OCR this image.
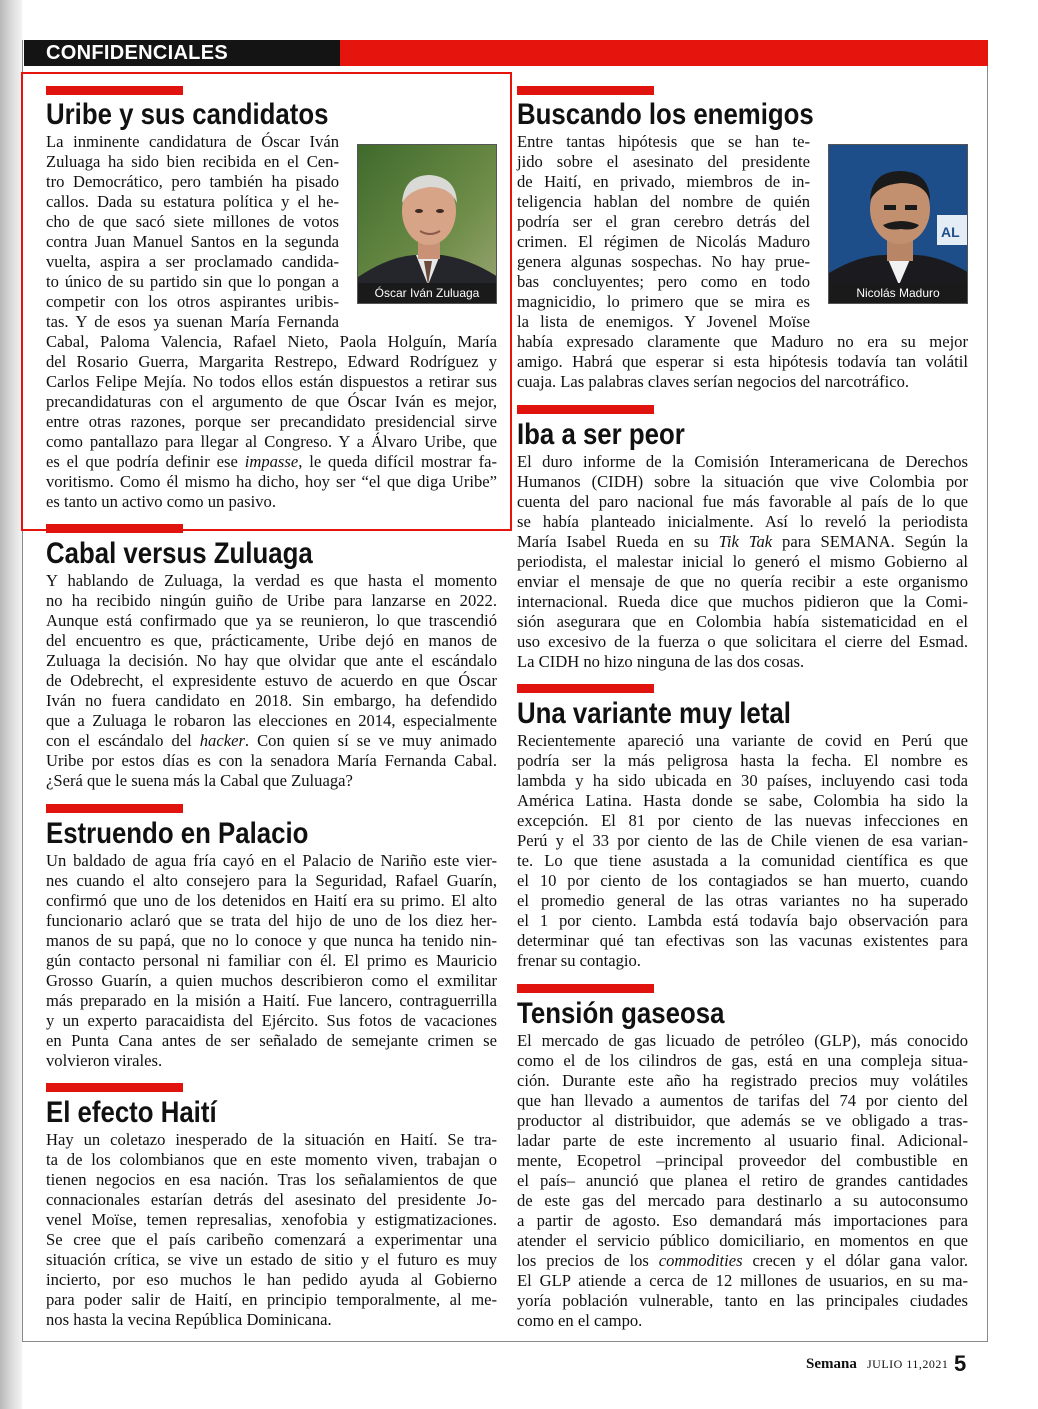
CONFIDENCIALES
Uribe y sus candidatos
Óscar Iván Zuluaga
La inminente candidatura de Óscar Iván
Zuluaga ha sido bien recibida en el Cen-
tro Democrático, pero también ha pisado
callos. Dada su estatura política y el he-
cho de que sacó siete millones de votos
contra Juan Manuel Santos en la segunda
vuelta, aspira a ser proclamado candida-
to único de su partido sin que lo pongan a
competir con los otros aspirantes uribis-
tas. Y de esos ya suenan María Fernanda
Cabal, Paloma Valencia, Rafael Nieto, Paola Holguín, María
del Rosario Guerra, Margarita Restrepo, Edward Rodríguez y
Carlos Felipe Mejía. No todos ellos están dispuestos a retirar sus
precandidaturas con el argumento de que Óscar Iván es mejor,
entre otras razones, porque ser precandidato presidencial sirve
como pantallazo para llegar al Congreso. Y a Álvaro Uribe, que
es el que podría definir ese impasse, le queda difícil mostrar fa-
voritismo. Como él mismo ha dicho, hoy ser “el que diga Uribe”
es tanto un activo como un pasivo.
Cabal versus Zuluaga
Y hablando de Zuluaga, la verdad es que hasta el momento
no ha recibido ningún guiño de Uribe para lanzarse en 2022.
Aunque está confirmado que ya se reunieron, lo que trascendió
del encuentro es que, prácticamente, Uribe dejó en manos de
Zuluaga la decisión. No hay que olvidar que ante el escándalo
de Odebrecht, el expresidente estuvo de acuerdo en que Óscar
Iván no fuera candidato en 2018. Sin embargo, ha defendido
que a Zuluaga le robaron las elecciones en 2014, especialmente
con el escándalo del hacker. Con quien sí se ve muy animado
Uribe por estos días es con la senadora María Fernanda Cabal.
¿Será que le suena más la Cabal que Zuluaga?
Estruendo en Palacio
Un baldado de agua fría cayó en el Palacio de Nariño este vier-
nes cuando el alto consejero para la Seguridad, Rafael Guarín,
confirmó que uno de los detenidos en Haití era su primo. El alto
funcionario aclaró que se trata del hijo de uno de los diez her-
manos de su papá, que no lo conoce y que nunca ha tenido nin-
gún contacto personal ni familiar con él. El primo es Mauricio
Grosso Guarín, a quien muchos describieron como el exmilitar
más preparado en la misión a Haití. Fue lancero, contraguerrilla
y un experto paracaidista del Ejército. Sus fotos de vacaciones
en Punta Cana antes de ser señalado de semejante crimen se
volvieron virales.
El efecto Haití
Hay un coletazo inesperado de la situación en Haití. Se tra-
ta de los colombianos que en este momento viven, trabajan o
tienen negocios en esa nación. Tras los señalamientos de que
connacionales estarían detrás del asesinato del presidente Jo-
venel Moïse, temen represalias, xenofobia y estigmatizaciones.
Se cree que el país caribeño comenzará a experimentar una
situación crítica, se vive un estado de sitio y el futuro es muy
incierto, por eso muchos le han pedido ayuda al Gobierno
para poder salir de Haití, en principio temporalmente, al me-
nos hasta la vecina República Dominicana.
Buscando los enemigos
AL
Nicolás Maduro
Entre tantas hipótesis que se han te-
jido sobre el asesinato del presidente
de Haití, en privado, miembros de in-
teligencia hablan del nombre de quién
podría ser el gran cerebro detrás del
crimen. El régimen de Nicolás Maduro
genera algunas sospechas. No hay prue-
bas concluyentes; pero como en todo
magnicidio, lo primero que se mira es
la lista de enemigos. Y Jovenel Moïse
había expresado claramente que Maduro no era su mejor
amigo. Habrá que esperar si esta hipótesis todavía tan volátil
cuaja. Las palabras claves serían negocios del narcotráfico.
Iba a ser peor
El duro informe de la Comisión Interamericana de Derechos
Humanos (CIDH) sobre la situación que vive Colombia por
cuenta del paro nacional fue más favorable al país de lo que
se había planteado inicialmente. Así lo reveló la periodista
María Isabel Rueda en su Tik Tak para SEMANA. Según la
periodista, el malestar inicial lo generó el mismo Gobierno al
enviar el mensaje de que no quería recibir a este organismo
internacional. Rueda dice que muchos pidieron que la Comi-
sión asegurara que en Colombia había sistematicidad en el
uso excesivo de la fuerza o que solicitara el cierre del Esmad.
La CIDH no hizo ninguna de las dos cosas.
Una variante muy letal
Recientemente apareció una variante de covid en Perú que
podría ser la más peligrosa hasta la fecha. El nombre es
lambda y ha sido ubicada en 30 países, incluyendo casi toda
América Latina. Hasta donde se sabe, Colombia ha sido la
excepción. El 81 por ciento de las nuevas infecciones en
Perú y el 33 por ciento de las de Chile vienen de esa varian-
te. Lo que tiene asustada a la comunidad científica es que
el 10 por ciento de los contagiados se han muerto, cuando
el promedio general de las otras variantes no ha superado
el 1 por ciento. Lambda está todavía bajo observación para
determinar qué tan efectivas son las vacunas existentes para
frenar su contagio.
Tensión gaseosa
El mercado de gas licuado de petróleo (GLP), más conocido
como el de los cilindros de gas, está en una compleja situa-
ción. Durante este año ha registrado precios muy volátiles
que han llevado a aumentos de tarifas del 74 por ciento del
productor al distribuidor, que además se ve obligado a tras-
ladar parte de este incremento al usuario final. Adicional-
mente, Ecopetrol –principal proveedor del combustible en
el país– anunció que planea el retiro de grandes cantidades
de este gas del mercado para destinarlo a su autoconsumo
a partir de agosto. Eso demandará más importaciones para
atender el servicio público domiciliario, en momentos en que
los precios de los commodities crecen y el dólar gana valor.
El GLP atiende a cerca de 12 millones de usuarios, en su ma-
yoría población vulnerable, tanto en las principales ciudades
como en el campo.
Semana JULIO 11,2021 5
